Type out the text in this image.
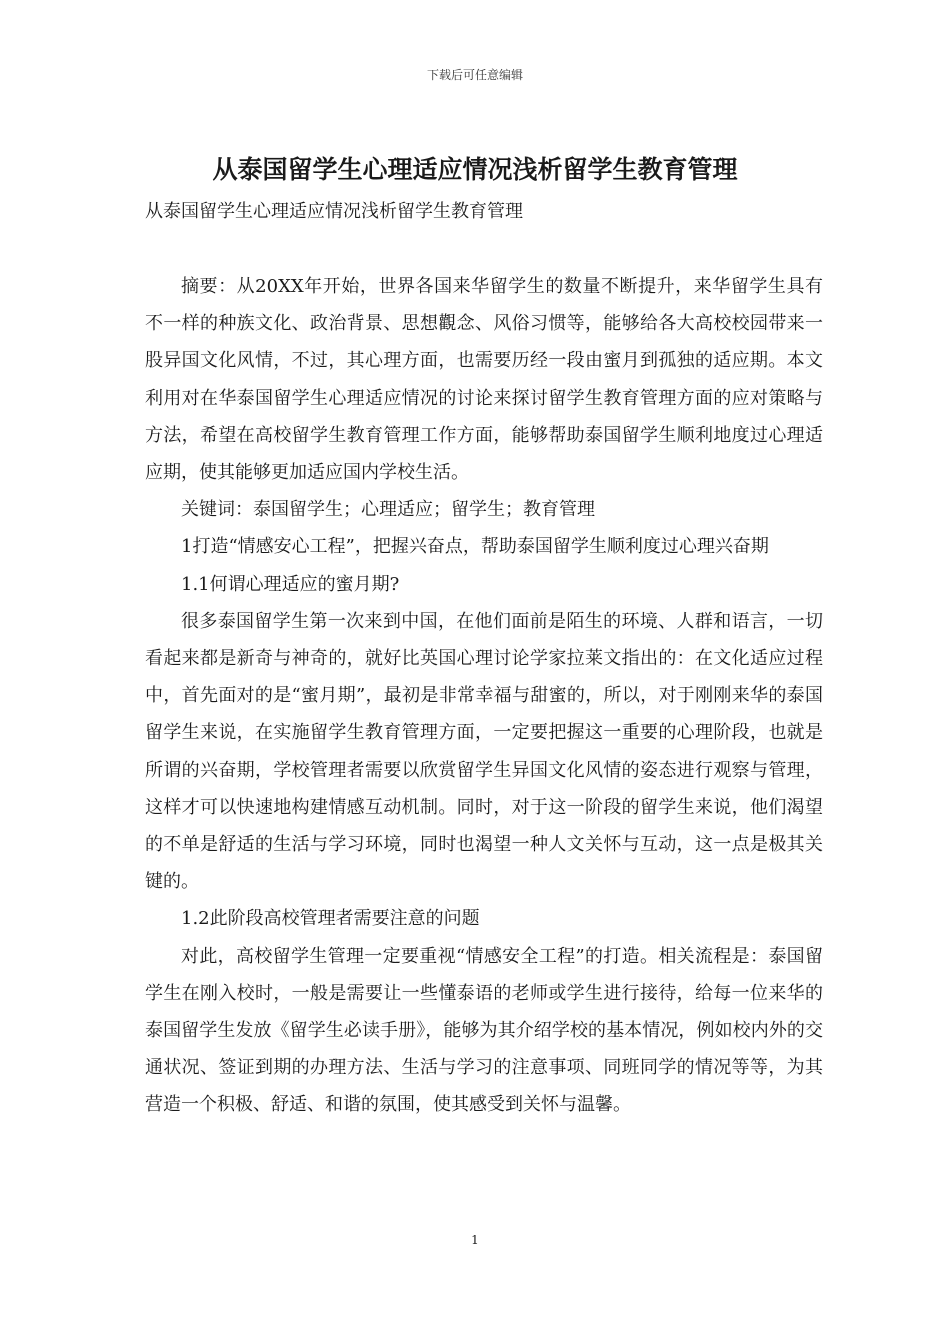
下载后可任意编辑
从泰国留学生心理适应情况浅析留学生教育管理

从泰国留学生心理适应情况浅析留学生教育管理

摘要：从20XX年开始，世界各国来华留学生的数量不断提升，来华留学生具有不一样的种族文化、政治背景、思想觀念、风俗习惯等，能够给各大高校校园带来一股异国文化风情，不过，其心理方面，也需要历经一段由蜜月到孤独的适应期。本文利用对在华泰国留学生心理适应情况的讨论来探讨留学生教育管理方面的应对策略与方法，希望在高校留学生教育管理工作方面，能够帮助泰国留学生顺利地度过心理适应期，使其能够更加适应国内学校生活。

关键词：泰国留学生；心理适应；留学生；教育管理

1打造“情感安心工程”，把握兴奋点，帮助泰国留学生顺利度过心理兴奋期

1.1何谓心理适应的蜜月期?

很多泰国留学生第一次来到中国，在他们面前是陌生的环境、人群和语言，一切看起来都是新奇与神奇的，就好比英国心理讨论学家拉莱文指出的：在文化适应过程中，首先面对的是“蜜月期”，最初是非常幸福与甜蜜的，所以，对于刚刚来华的泰国留学生来说，在实施留学生教育管理方面，一定要把握这一重要的心理阶段，也就是所谓的兴奋期，学校管理者需要以欣赏留学生异国文化风情的姿态进行观察与管理，这样才可以快速地构建情感互动机制。同时，对于这一阶段的留学生来说，他们渴望的不单是舒适的生活与学习环境，同时也渴望一种人文关怀与互动，这一点是极其关键的。

1.2此阶段高校管理者需要注意的问题

对此，高校留学生管理一定要重视“情感安全工程”的打造。相关流程是：泰国留学生在刚入校时，一般是需要让一些懂泰语的老师或学生进行接待，给每一位来华的泰国留学生发放《留学生必读手册》，能够为其介绍学校的基本情况，例如校内外的交通状况、签证到期的办理方法、生活与学习的注意事项、同班同学的情况等等，为其营造一个积极、舒适、和谐的氛围，使其感受到关怀与温馨。

1
